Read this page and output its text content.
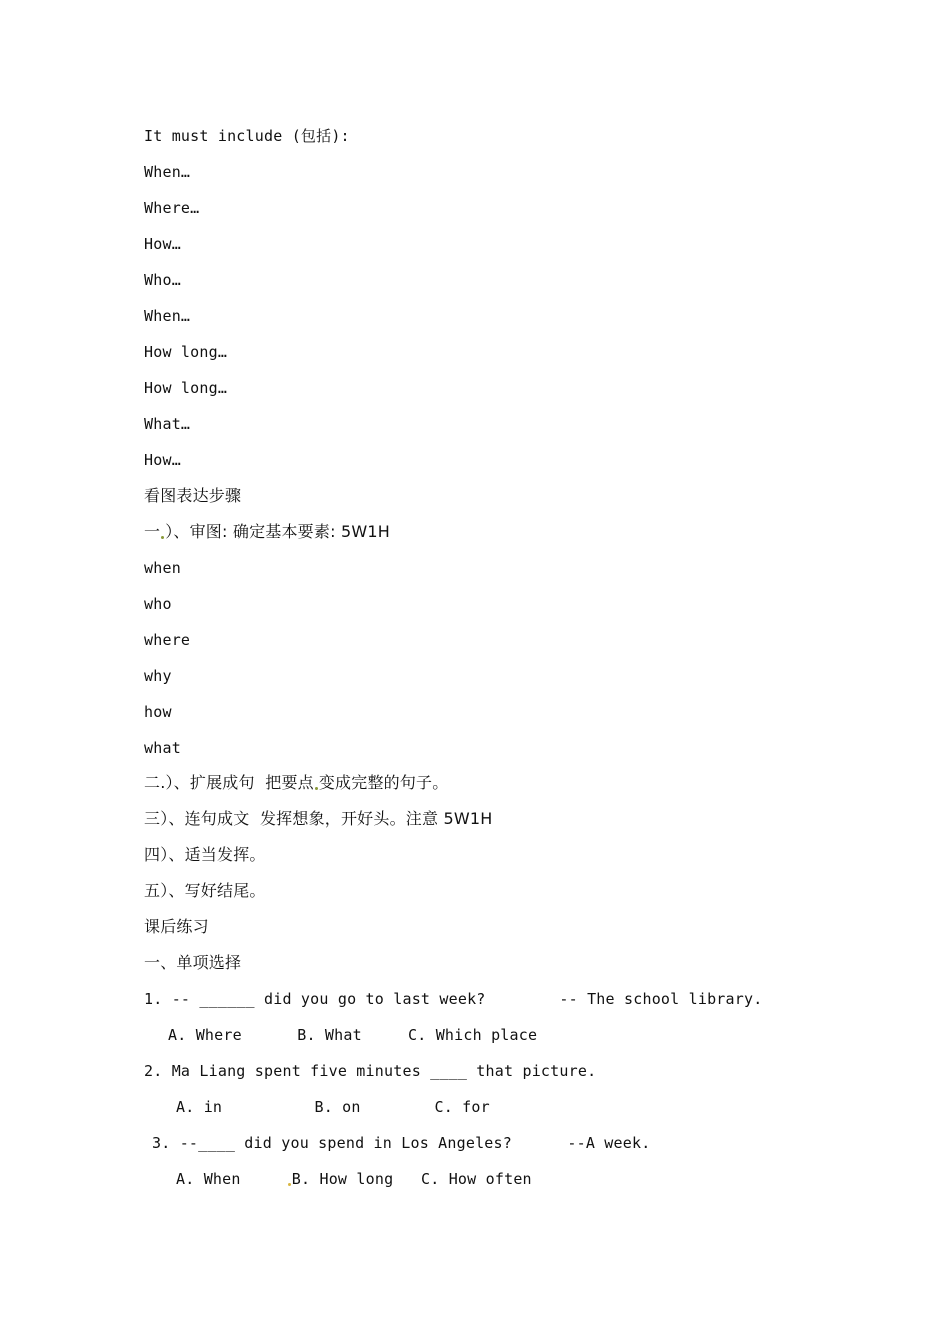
It must include (包括):
When…
Where…
How…
Who…
When…
How long…
How long…
What…
How…
看图表达步骤
一 ）、审图: 确定基本要素: 5W1H
when
who
where
why
how
what
二.）、扩展成句  把要点 变成完整的句子。
三）、连句成文  发挥想象，开好头。注意 5W1H
四）、适当发挥。
五）、写好结尾。
课后练习
一、单项选择
1. -- ______ did you go to last week?        -- The school library.
A. Where      B. What     C. Which place
2. Ma Liang spent five minutes ____ that picture.
A. in          B. on        C. for
3. --____ did you spend in Los Angeles?      --A week.
A. When     B. How long   C. How often
